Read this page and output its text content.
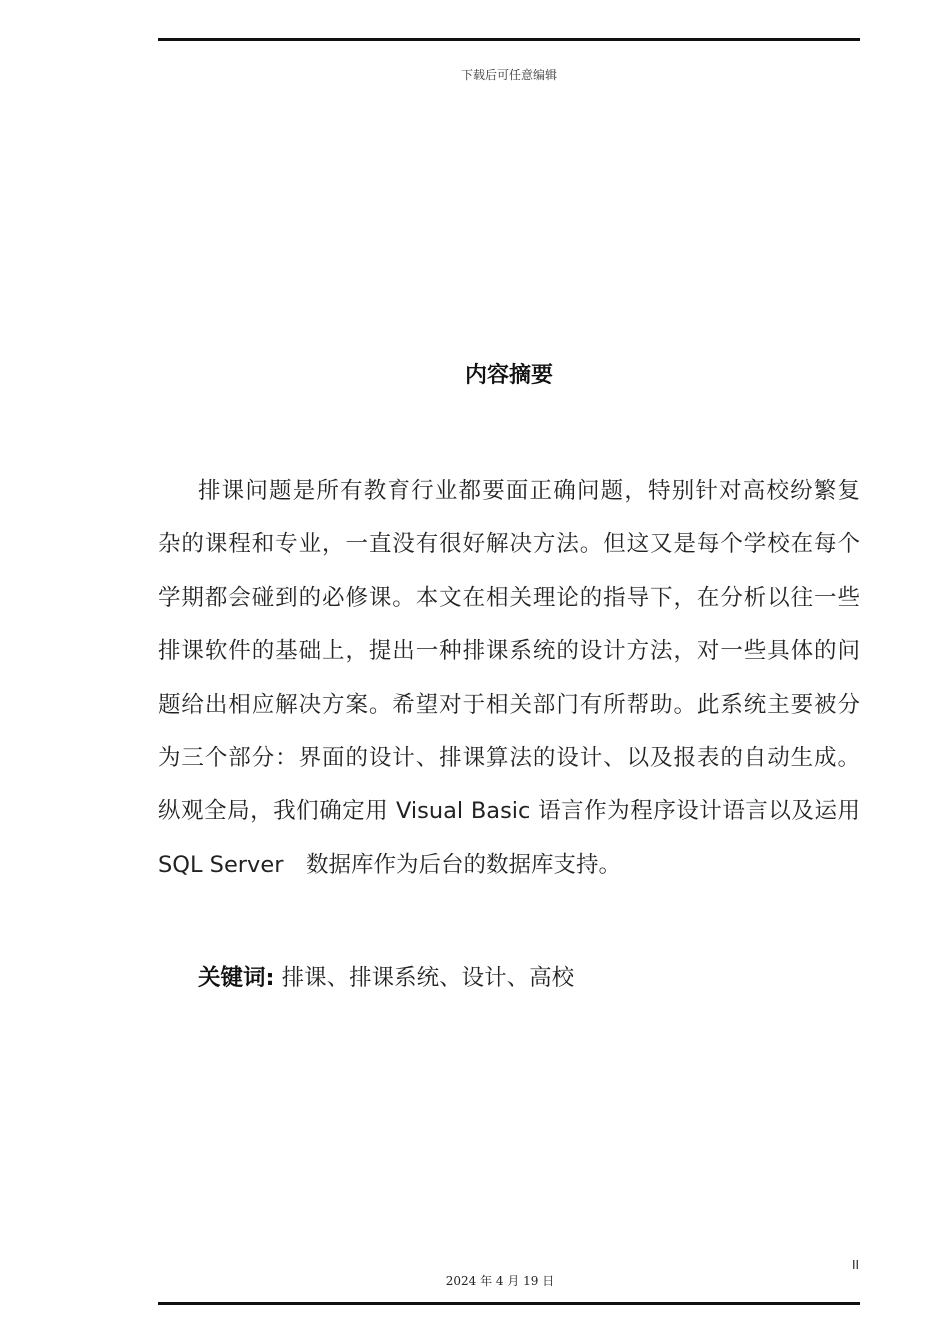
下载后可任意编辑
内容摘要
排课问题是所有教育行业都要面正确问题，特别针对高校纷繁复
杂的课程和专业，一直没有很好解决方法。但这又是每个学校在每个
学期都会碰到的必修课。本文在相关理论的指导下，在分析以往一些
排课软件的基础上，提出一种排课系统的设计方法，对一些具体的问
题给出相应解决方案。希望对于相关部门有所帮助。此系统主要被分
为三个部分：界面的设计、排课算法的设计、以及报表的自动生成。
纵观全局，我们确定用 Visual Basic 语言作为程序设计语言以及运用
SQL Server　数据库作为后台的数据库支持。
关键词: 排课、排课系统、设计、高校
II
2024 年 4 月 19 日
